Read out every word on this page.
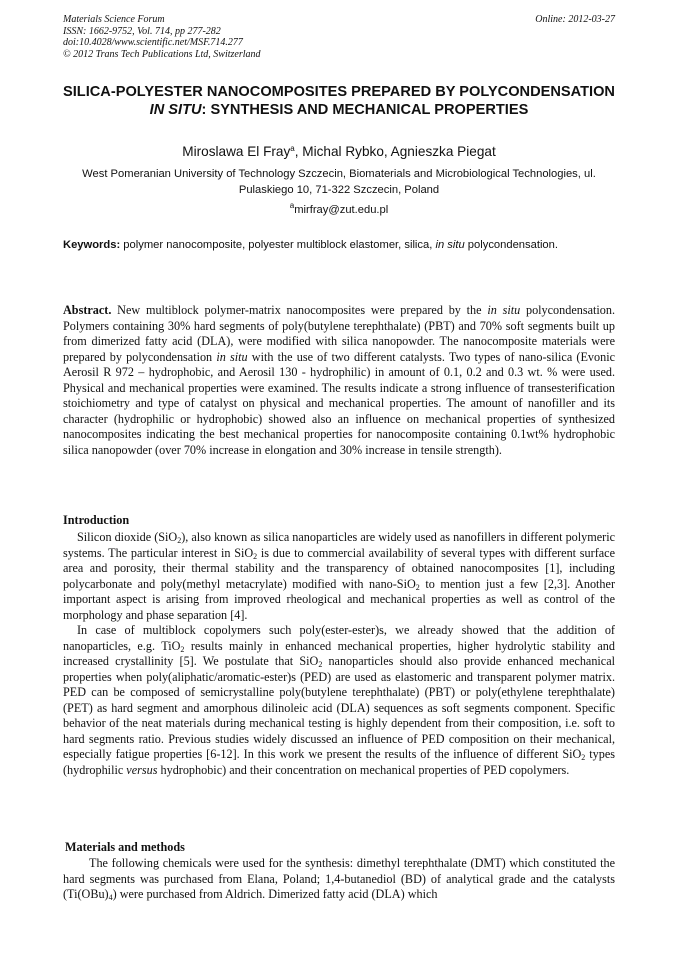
Materials Science Forum
ISSN: 1662-9752, Vol. 714, pp 277-282
doi:10.4028/www.scientific.net/MSF.714.277
© 2012 Trans Tech Publications Ltd, Switzerland
Online: 2012-03-27
SILICA-POLYESTER NANOCOMPOSITES PREPARED BY POLYCONDENSATION IN SITU: SYNTHESIS AND MECHANICAL PROPERTIES
Miroslawa El Fray$^a$, Michal Rybko, Agnieszka Piegat
West Pomeranian University of Technology Szczecin, Biomaterials and Microbiological Technologies, ul. Pulaskiego 10, 71-322 Szczecin, Poland
$^a$mirfray@zut.edu.pl
Keywords: polymer nanocomposite, polyester multiblock elastomer, silica, in situ polycondensation.

Abstract. New multiblock polymer-matrix nanocomposites were prepared by the in situ polycondensation. Polymers containing 30% hard segments of poly(butylene terephthalate) (PBT) and 70% soft segments built up from dimerized fatty acid (DLA), were modified with silica nanopowder. The nanocomposite materials were prepared by polycondensation in situ with the use of two different catalysts. Two types of nano-silica (Evonic Aerosil R 972 – hydrophobic, and Aerosil 130 - hydrophilic) in amount of 0.1, 0.2 and 0.3 wt. % were used. Physical and mechanical properties were examined. The results indicate a strong influence of transesterification stoichiometry and type of catalyst on physical and mechanical properties. The amount of nanofiller and its character (hydrophilic or hydrophobic) showed also an influence on mechanical properties of synthesized nanocomposites indicating the best mechanical properties for nanocomposite containing 0.1wt% hydrophobic silica nanopowder (over 70% increase in elongation and 30% increase in tensile strength).

Introduction

Silicon dioxide (SiO$_2$), also known as silica nanoparticles are widely used as nanofillers in different polymeric systems. The particular interest in SiO$_2$ is due to commercial availability of several types with different surface area and porosity, their thermal stability and the transparency of obtained nanocomposites [1], including polycarbonate and poly(methyl metacrylate) modified with nano-SiO$_2$ to mention just a few [2,3]. Another important aspect is arising from improved rheological and mechanical properties as well as control of the morphology and phase separation [4].

In case of multiblock copolymers such poly(ester-ester)s, we already showed that the addition of nanoparticles, e.g. TiO$_2$ results mainly in enhanced mechanical properties, higher hydrolytic stability and increased crystallinity [5]. We postulate that SiO$_2$ nanoparticles should also provide enhanced mechanical properties when poly(aliphatic/aromatic-ester)s (PED) are used as elastomeric and transparent polymer matrix. PED can be composed of semicrystalline poly(butylene terephthalate) (PBT) or poly(ethylene terephthalate) (PET) as hard segment and amorphous dilinoleic acid (DLA) sequences as soft segments component. Specific behavior of the neat materials during mechanical testing is highly dependent from their composition, i.e. soft to hard segments ratio. Previous studies widely discussed an influence of PED composition on their mechanical, especially fatigue properties [6-12]. In this work we present the results of the influence of different SiO$_2$ types (hydrophilic versus hydrophobic) and their concentration on mechanical properties of PED copolymers.

Materials and methods

The following chemicals were used for the synthesis: dimethyl terephthalate (DMT) which constituted the hard segments was purchased from Elana, Poland; 1,4-butanediol (BD) of analytical grade and the catalysts $(Ti(OBu)_4)$ were purchased from Aldrich. Dimerized fatty acid (DLA) which
